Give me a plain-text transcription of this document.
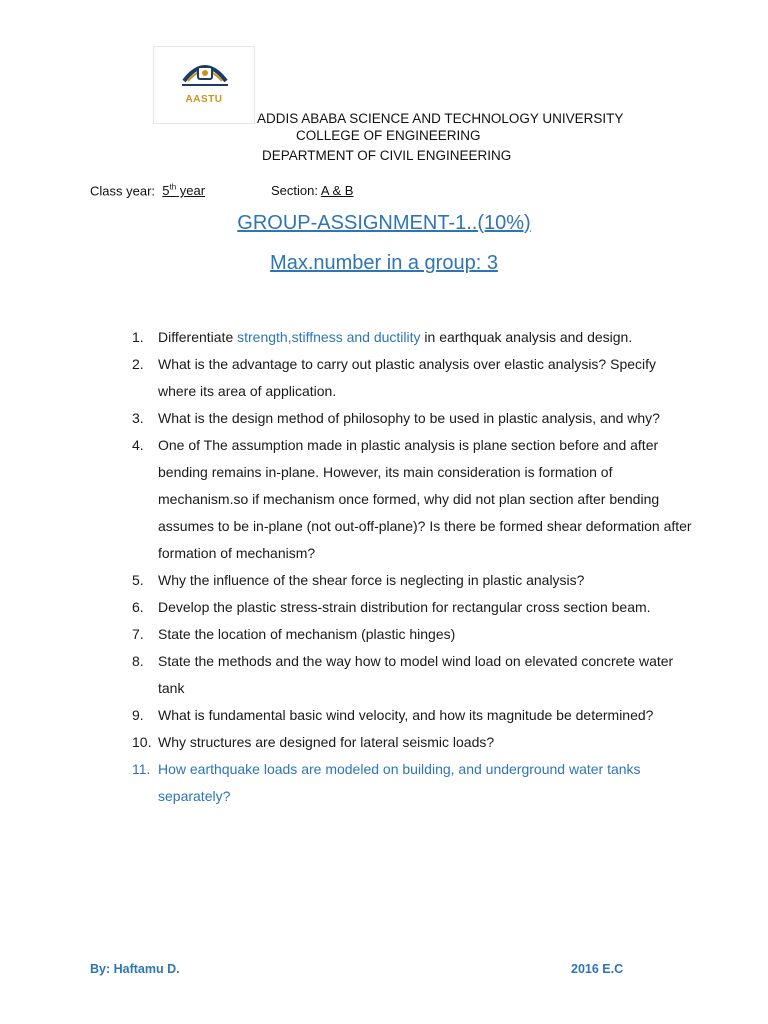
AASTU
ADDIS ABABA SCIENCE AND TECHNOLOGY UNIVERSITY
COLLEGE OF ENGINEERING
DEPARTMENT OF CIVIL ENGINEERING
Class year: 5th year	Section: A & B
GROUP-ASSIGNMENT-1..(10%)
Max.number in a group: 3
1.	Differentiate strength,stiffness and ductility in earthquak analysis and design.
2.	What is the advantage to carry out plastic analysis over elastic analysis? Specify where its area of application.
3.	What is the design method of philosophy to be used in plastic analysis, and why?
4.	One of The assumption made in plastic analysis is plane section before and after bending remains in-plane. However, its main consideration is formation of mechanism.so if mechanism once formed, why did not plan section after bending assumes to be in-plane (not out-off-plane)? Is there be formed shear deformation after formation of mechanism?
5.	Why the influence of the shear force is neglecting in plastic analysis?
6.	Develop the plastic stress-strain distribution for rectangular cross section beam.
7.	State the location of mechanism (plastic hinges)
8.	State the methods and the way how to model wind load on elevated concrete water tank
9.	What is fundamental basic wind velocity, and how its magnitude be determined?
10. Why structures are designed for lateral seismic loads?
11. How earthquake loads are modeled on building, and underground water tanks separately?
By: Haftamu D.	2016 E.C
